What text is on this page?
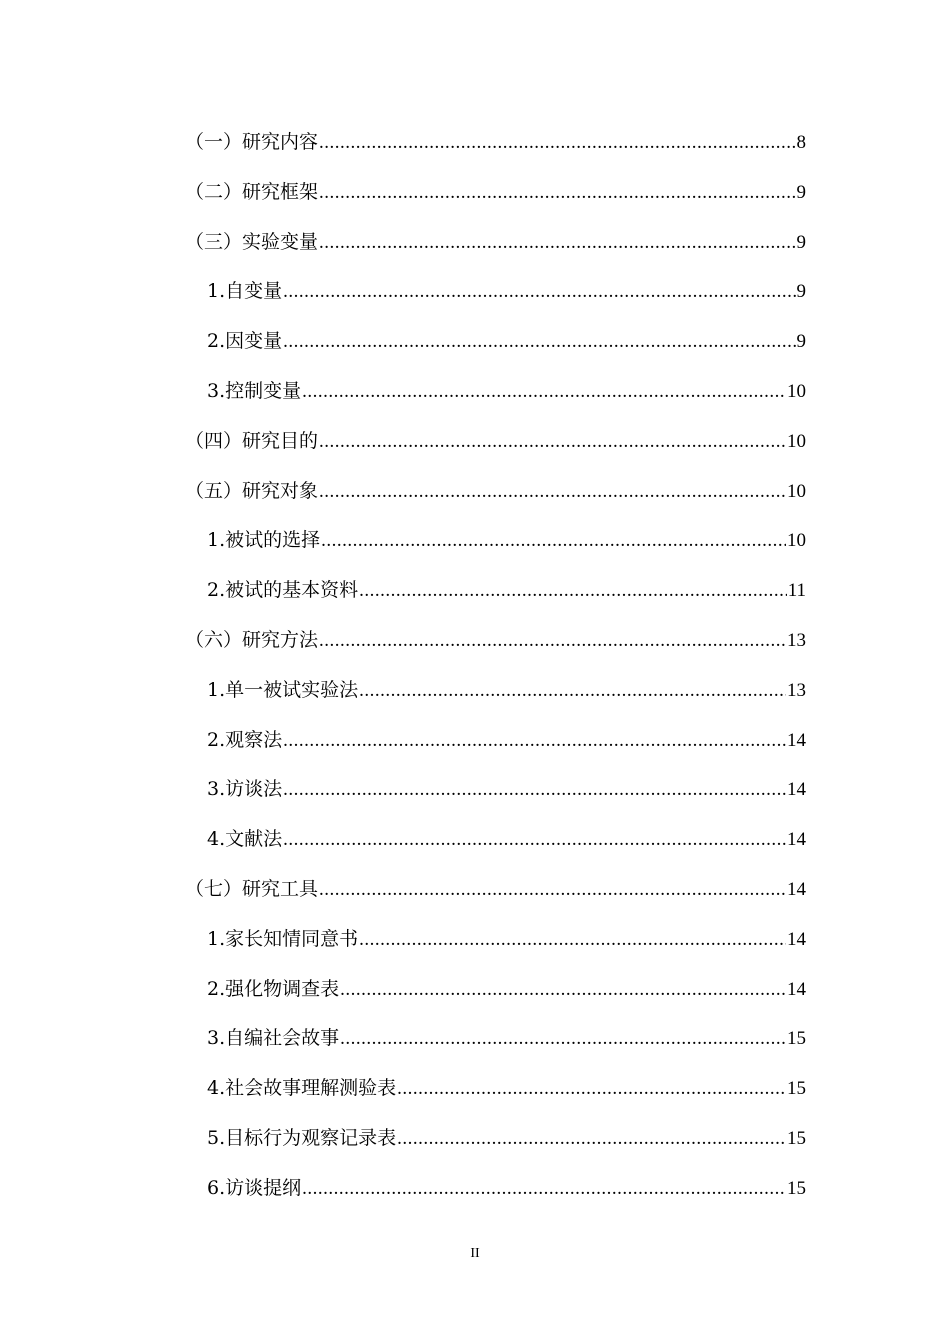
（一）研究内容 .....	8
（二）研究框架 .....	9
（三）实验变量 .....	9
1.自变量 .....	9
2.因变量 .....	9
3.控制变量 .....	10
（四）研究目的 .....	10
（五）研究对象 .....	10
1.被试的选择 .....	10
2.被试的基本资料 .....	11
（六）研究方法 .....	13
1.单一被试实验法 .....	13
2.观察法 .....	14
3.访谈法 .....	14
4.文献法 .....	14
（七）研究工具 .....	14
1.家长知情同意书 .....	14
2.强化物调查表 .....	14
3.自编社会故事 .....	15
4.社会故事理解测验表 .....	15
5.目标行为观察记录表 .....	15
6.访谈提纲 .....	15
II
